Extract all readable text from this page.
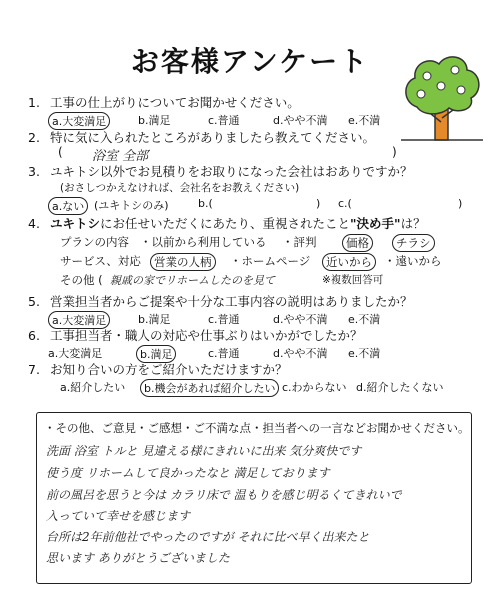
お客様アンケート
1. 工事の仕上がりについてお聞かせください。
a.大変満足	b.満足	c.普通	d.やや不満 e.不満
2. 特に気に入られたところがありましたら教えてください。
( 浴室 全部	)
3. ユキトシ以外でお見積りをお取りになった会社はおありですか？
(おさしつかえなければ、会社名をお教えください)
a.ない (ユキトシのみ)	b.(	) c.(	)
4. ユキトシにお任せいただくにあたり、重視されたこと"決め手"は？
プランの内容 ・以前から利用している ・評判	価格	チラシ
サービス、対応	営業の人柄	・ホームページ	近いから	・遠いから
その他 ( 親戚の家でリホームしたのを見て	※複数回答可
5. 営業担当者からご提案や十分な工事内容の説明はありましたか？
a.大変満足	b.満足	c.普通	d.やや不満 e.不満
6. 工事担当者・職人の対応や仕事ぶりはいかがでしたか？
a.大変満足	b.満足	c.普通	d.やや不満 e.不満
7. お知り合いの方をご紹介いただけますか？
a.紹介したい	b.機会があれば紹介したい c.わからない d.紹介したくない
・その他、ご意見・ご感想・ご不満な点・担当者への一言などお聞かせください。
洗面 浴室 トルと 見違える様にきれいに出来 気分爽快です
使う度 リホームして良かったなと 満足しております
前の風呂を思うと今は カラリ床で 温もりを感じ明るくてきれいで
入っていて幸せを感じます
台所は2年前他社でやったのですが それに比べ早く出来たと
思います ありがとうございました
